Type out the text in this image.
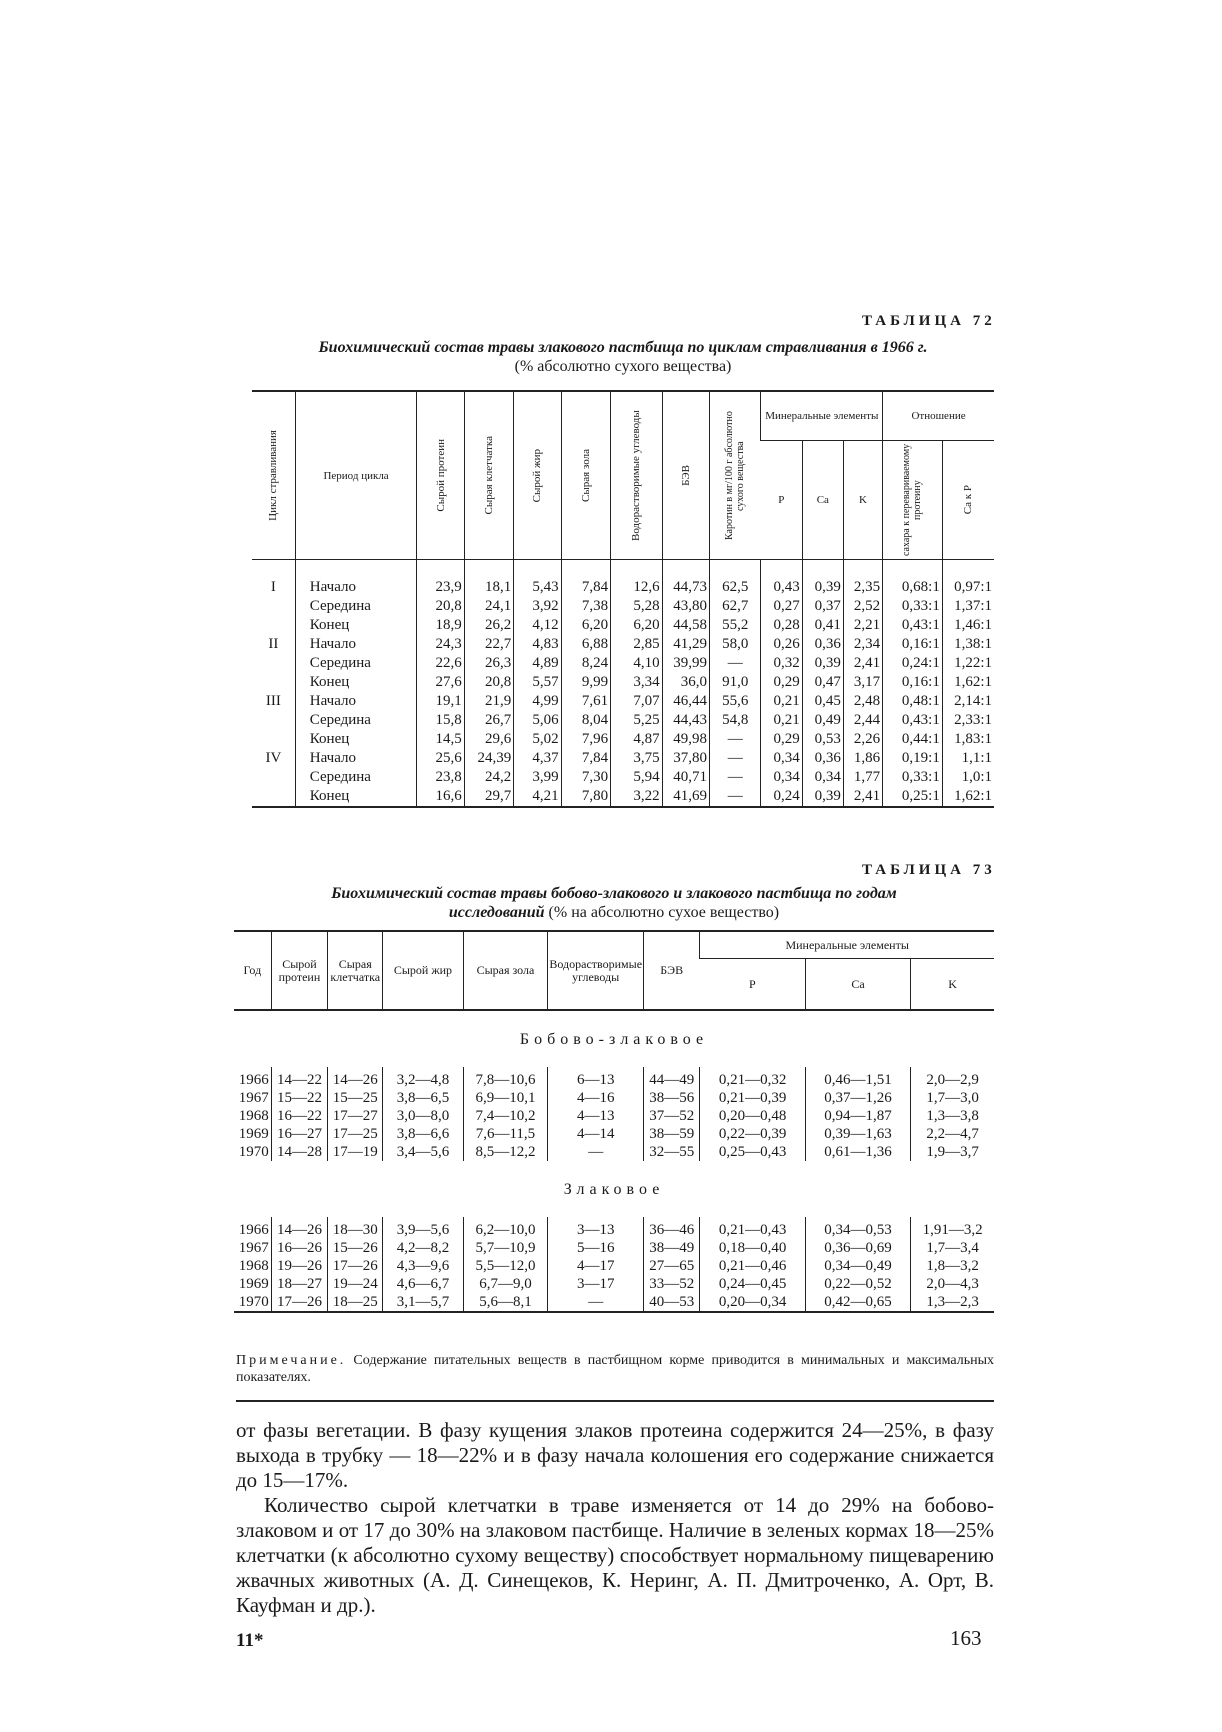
ТАБЛИЦА 72
Биохимический состав травы злакового пастбища по циклам стравливания в 1966 г.
(% абсолютно сухого вещества)
Цикл стравливания	Период цикла	Сырой протеин	Сырая клетчатка	Сырой жир	Сырая зола	Водорастворимые углеводы	БЭВ	Каротин в мг/100 г абсолютно сухого вещества	Минеральные элементы			Отношение	
									P	Ca	K	сахара к перевариваемому протеину	Ca к P

I	Начало	23,9	18,1	5,43	7,84	12,6	44,73	62,5	0,43	0,39	2,35	0,68:1	0,97:1
	Середина	20,8	24,1	3,92	7,38	5,28	43,80	62,7	0,27	0,37	2,52	0,33:1	1,37:1
	Конец	18,9	26,2	4,12	6,20	6,20	44,58	55,2	0,28	0,41	2,21	0,43:1	1,46:1
II	Начало	24,3	22,7	4,83	6,88	2,85	41,29	58,0	0,26	0,36	2,34	0,16:1	1,38:1
	Середина	22,6	26,3	4,89	8,24	4,10	39,99	—	0,32	0,39	2,41	0,24:1	1,22:1
	Конец	27,6	20,8	5,57	9,99	3,34	36,0	91,0	0,29	0,47	3,17	0,16:1	1,62:1
III	Начало	19,1	21,9	4,99	7,61	7,07	46,44	55,6	0,21	0,45	2,48	0,48:1	2,14:1
	Середина	15,8	26,7	5,06	8,04	5,25	44,43	54,8	0,21	0,49	2,44	0,43:1	2,33:1
	Конец	14,5	29,6	5,02	7,96	4,87	49,98	—	0,29	0,53	2,26	0,44:1	1,83:1
IV	Начало	25,6	24,39	4,37	7,84	3,75	37,80	—	0,34	0,36	1,86	0,19:1	1,1:1
	Середина	23,8	24,2	3,99	7,30	5,94	40,71	—	0,34	0,34	1,77	0,33:1	1,0:1
	Конец	16,6	29,7	4,21	7,80	3,22	41,69	—	0,24	0,39	2,41	0,25:1	1,62:1
ТАБЛИЦА 73
Биохимический состав травы бобово-злакового и злакового пастбища по годам
исследований (% на абсолютно сухое вещество)
Год	Сырой протеин	Сырая клетчатка	Сырой жир	Сырая зола	Водорастворимые углеводы	БЭВ	Минеральные элементы		
							P	Ca	K
Бобово-злаковое									
1966	14—22	14—26	3,2—4,8	7,8—10,6	6—13	44—49	0,21—0,32	0,46—1,51	2,0—2,9
1967	15—22	15—25	3,8—6,5	6,9—10,1	4—16	38—56	0,21—0,39	0,37—1,26	1,7—3,0
1968	16—22	17—27	3,0—8,0	7,4—10,2	4—13	37—52	0,20—0,48	0,94—1,87	1,3—3,8
1969	16—27	17—25	3,8—6,6	7,6—11,5	4—14	38—59	0,22—0,39	0,39—1,63	2,2—4,7
1970	14—28	17—19	3,4—5,6	8,5—12,2	—	32—55	0,25—0,43	0,61—1,36	1,9—3,7
Злаковое									
1966	14—26	18—30	3,9—5,6	6,2—10,0	3—13	36—46	0,21—0,43	0,34—0,53	1,91—3,2
1967	16—26	15—26	4,2—8,2	5,7—10,9	5—16	38—49	0,18—0,40	0,36—0,69	1,7—3,4
1968	19—26	17—26	4,3—9,6	5,5—12,0	4—17	27—65	0,21—0,46	0,34—0,49	1,8—3,2
1969	18—27	19—24	4,6—6,7	6,7—9,0	3—17	33—52	0,24—0,45	0,22—0,52	2,0—4,3
1970	17—26	18—25	3,1—5,7	5,6—8,1	—	40—53	0,20—0,34	0,42—0,65	1,3—2,3
Примечание. Содержание питательных веществ в пастбищном корме приводится в минимальных и максимальных показателях.

от фазы вегетации. В фазу кущения злаков протеина содержится 24—25%, в фазу выхода в трубку — 18—22% и в фазу начала колошения его содержание снижается до 15—17%.

Количество сырой клетчатки в траве изменяется от 14 до 29% на бобово-злаковом и от 17 до 30% на злаковом пастбище. Наличие в зеленых кормах 18—25% клетчатки (к абсолютно сухому веществу) способствует нормальному пищеварению жвачных животных (А. Д. Синещеков, К. Неринг, А. П. Дмитроченко, А. Орт, В. Кауфман и др.).

11*	163
